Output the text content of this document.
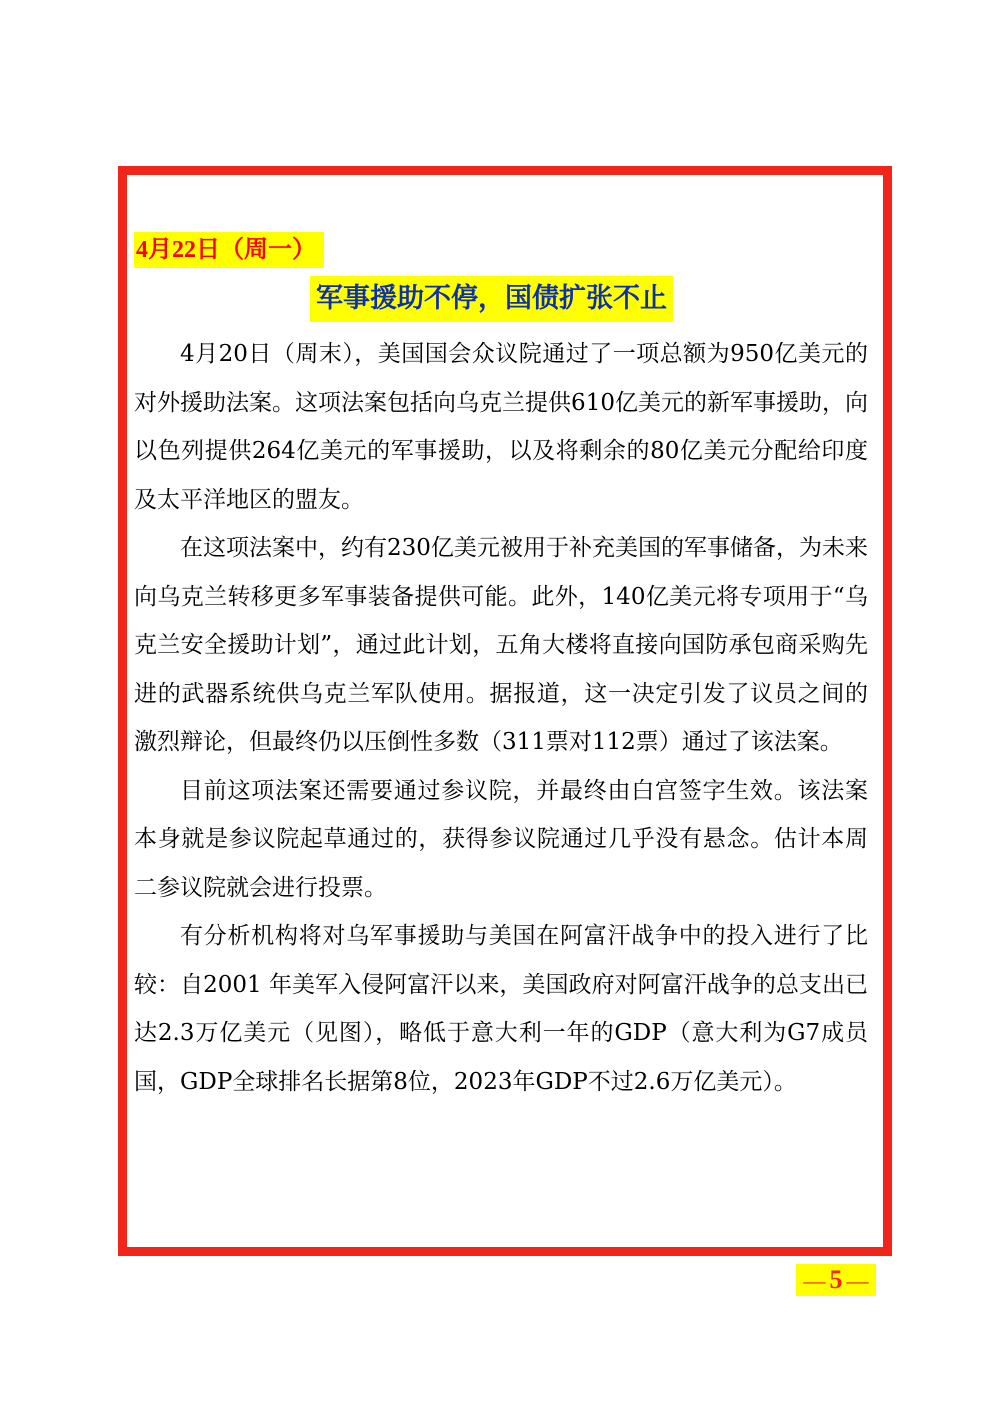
4月22日（周一）
军事援助不停，国债扩张不止

4月20日（周末），美国国会众议院通过了一项总额为950亿美元的对外援助法案。这项法案包括向乌克兰提供610亿美元的新军事援助，向以色列提供264亿美元的军事援助，以及将剩余的80亿美元分配给印度及太平洋地区的盟友。

在这项法案中，约有230亿美元被用于补充美国的军事储备，为未来向乌克兰转移更多军事装备提供可能。此外，140亿美元将专项用于“乌克兰安全援助计划”，通过此计划，五角大楼将直接向国防承包商采购先进的武器系统供乌克兰军队使用。据报道，这一决定引发了议员之间的激烈辩论，但最终仍以压倒性多数（311票对112票）通过了该法案。

目前这项法案还需要通过参议院，并最终由白宫签字生效。该法案本身就是参议院起草通过的，获得参议院通过几乎没有悬念。估计本周二参议院就会进行投票。

有分析机构将对乌军事援助与美国在阿富汗战争中的投入进行了比较：自2001 年美军入侵阿富汗以来，美国政府对阿富汗战争的总支出已达2.3万亿美元（见图），略低于意大利一年的GDP（意大利为G7成员国，GDP全球排名长据第8位，2023年GDP不过2.6万亿美元）。

— 5 —
